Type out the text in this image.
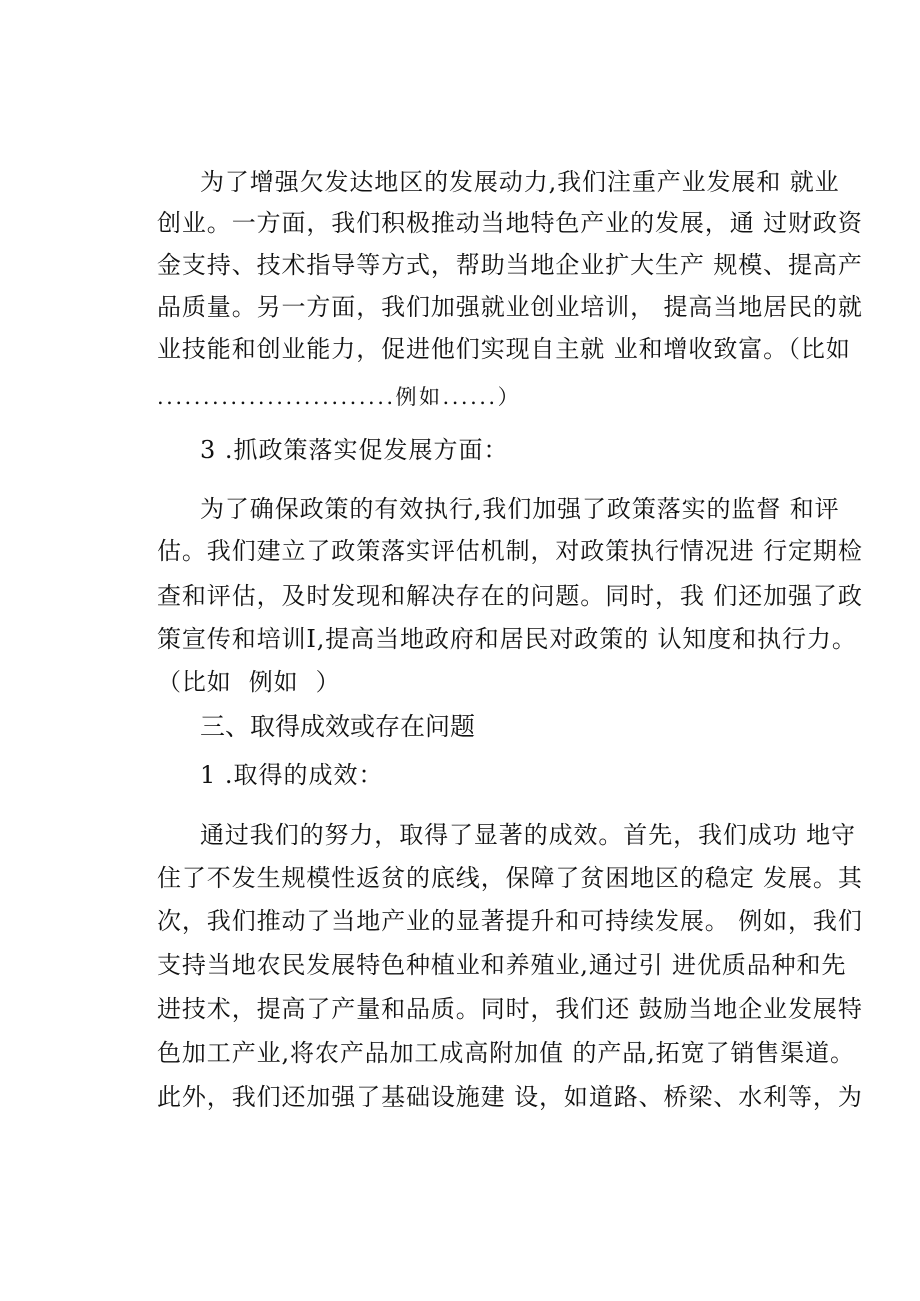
为了增强欠发达地区的发展动力,我们注重产业发展和 就业
创业。一方面，我们积极推动当地特色产业的发展，通 过财政资
金支持、技术指导等方式，帮助当地企业扩大生产 规模、提高产
品质量。另一方面，我们加强就业创业培训， 提高当地居民的就
业技能和创业能力，促进他们实现自主就 业和增收致富。（比如
..........................例如......）
3 .抓政策落实促发展方面：
为了确保政策的有效执行,我们加强了政策落实的监督 和评
估。我们建立了政策落实评估机制，对政策执行情况进 行定期检
查和评估，及时发现和解决存在的问题。同时，我 们还加强了政
策宣传和培训I,提高当地政府和居民对政策的 认知度和执行力。
（比如  例如  ）
三、取得成效或存在问题
1 .取得的成效：
通过我们的努力，取得了显著的成效。首先，我们成功 地守
住了不发生规模性返贫的底线，保障了贫困地区的稳定 发展。其
次，我们推动了当地产业的显著提升和可持续发展。 例如，我们
支持当地农民发展特色种植业和养殖业,通过引 进优质品种和先
进技术，提高了产量和品质。同时，我们还 鼓励当地企业发展特
色加工产业,将农产品加工成高附加值 的产品,拓宽了销售渠道。
此外，我们还加强了基础设施建 设，如道路、桥梁、水利等，为
